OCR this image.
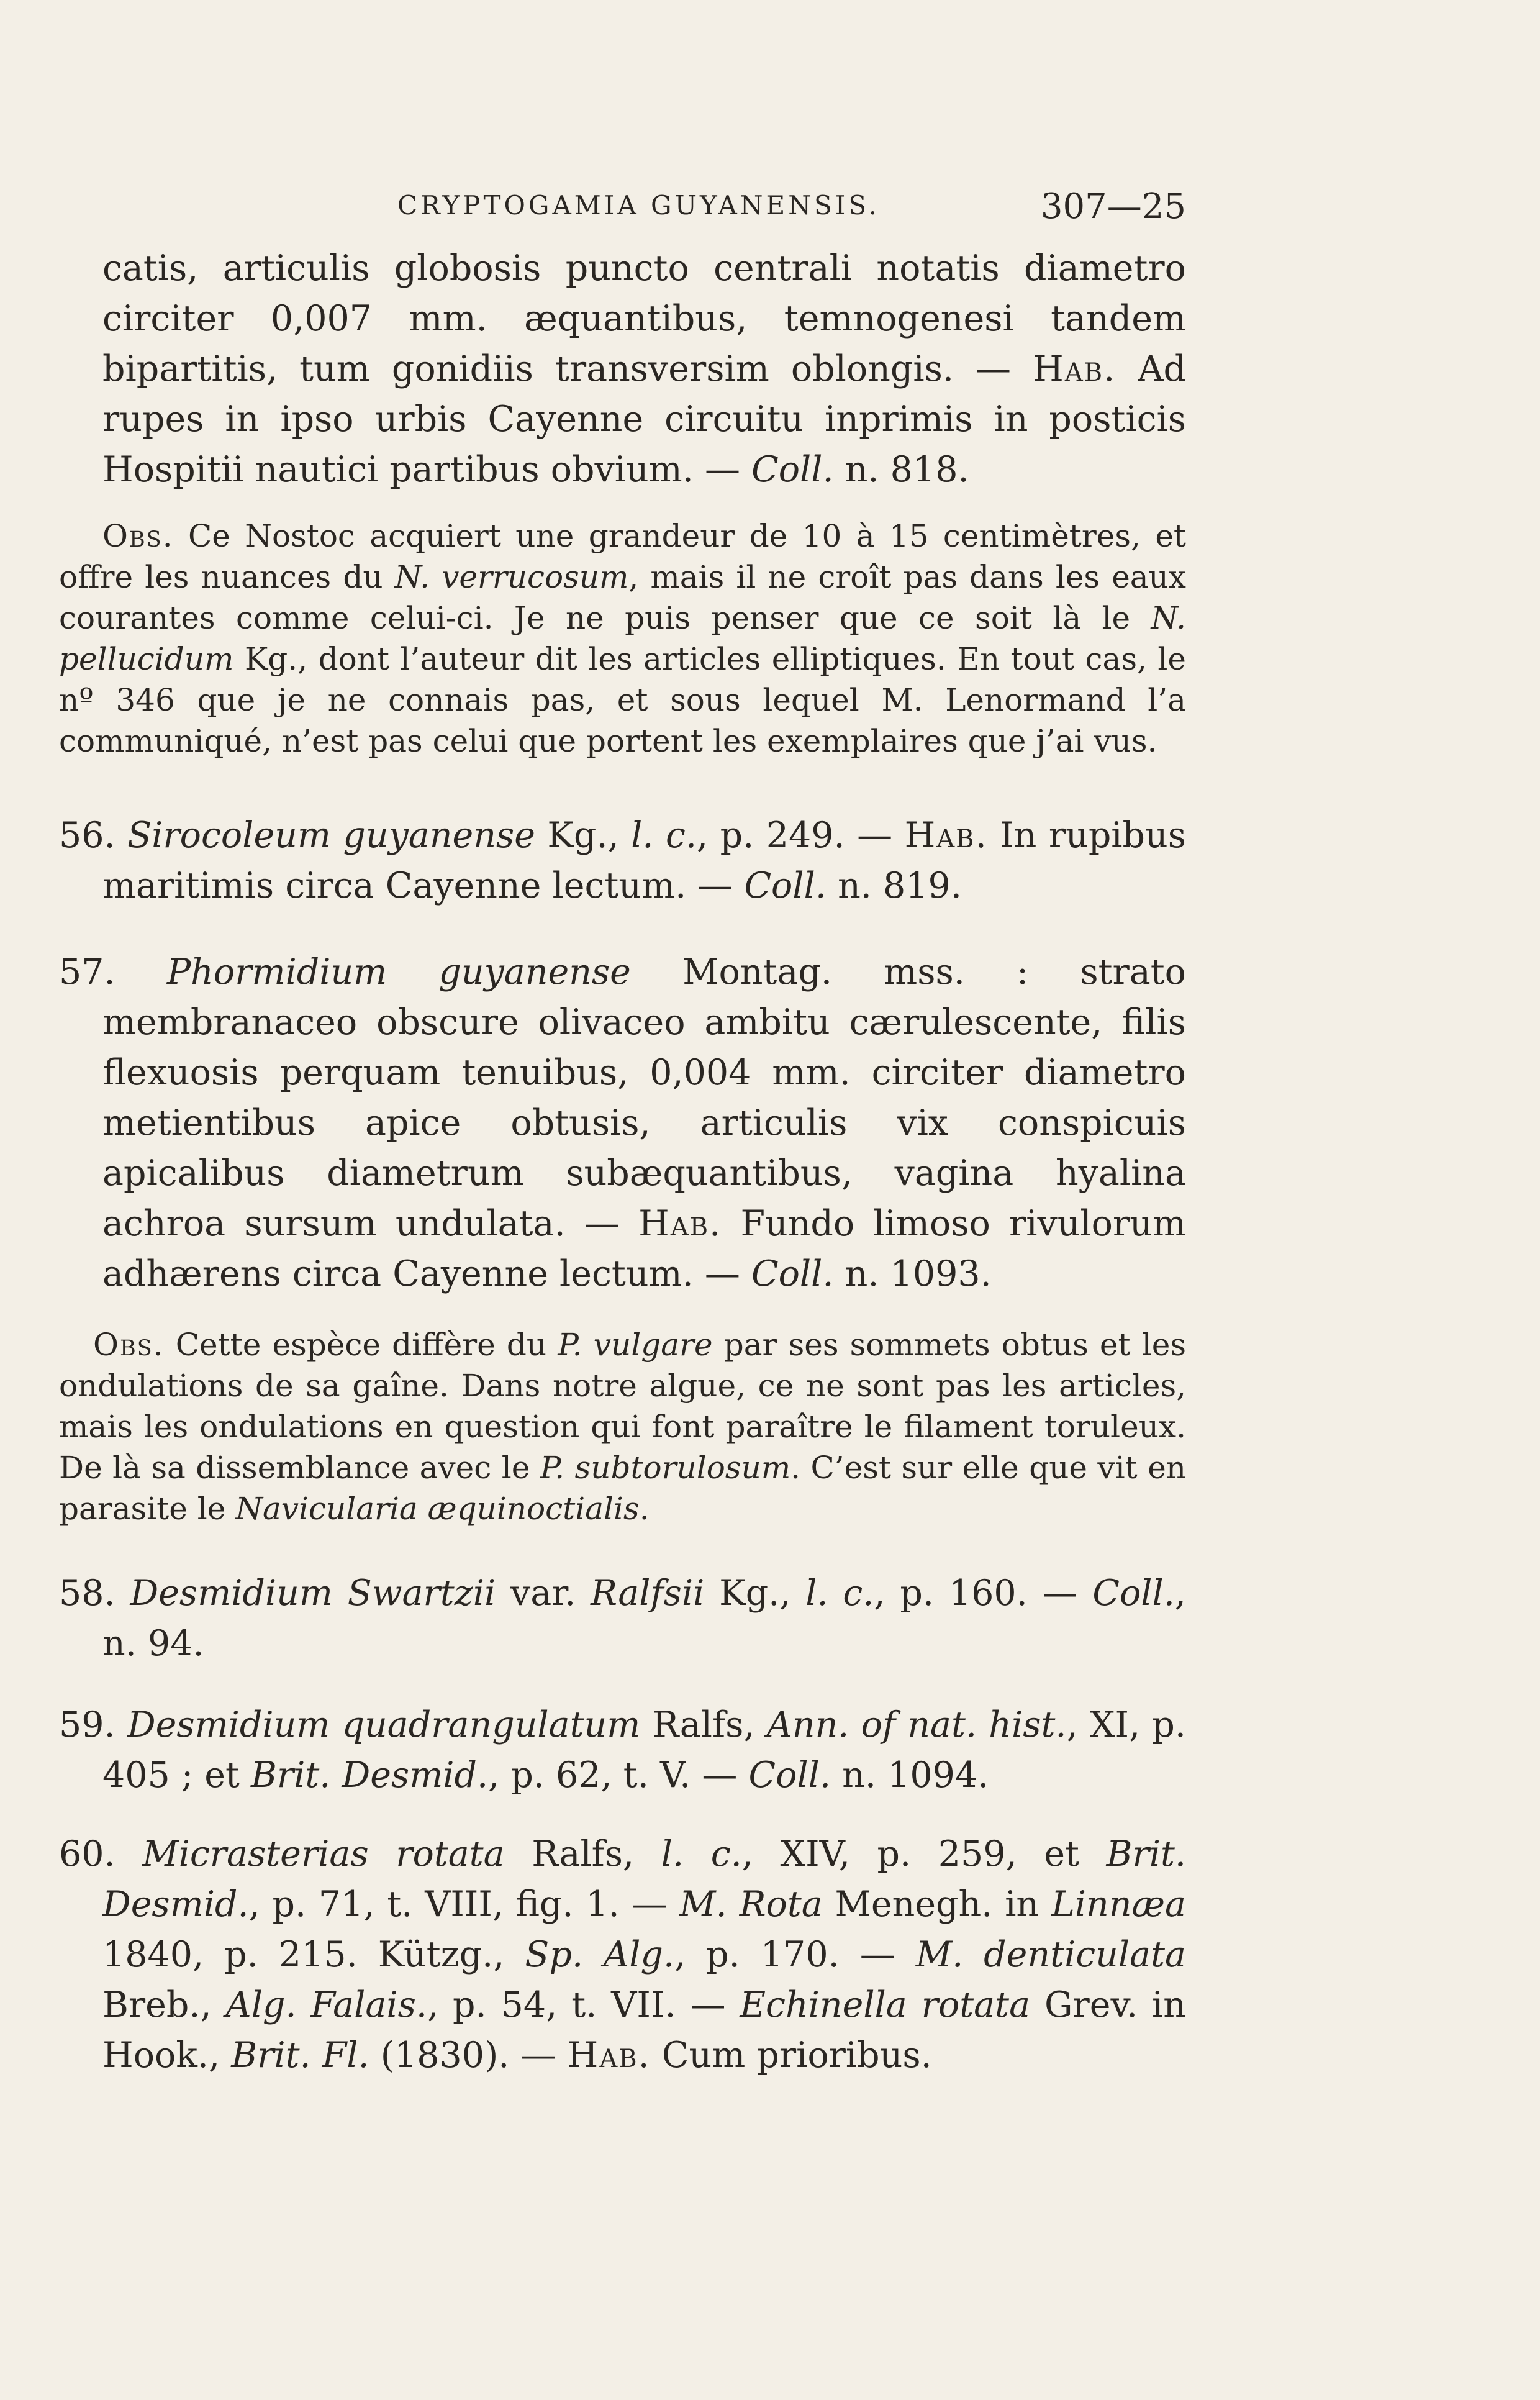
CRYPTOGAMIA GUYANENSIS.	307—25

catis, articulis globosis puncto centrali notatis diametro circiter 0,007 mm. æquantibus, temnogenesi tandem bipartitis, tum gonidiis transversim oblongis. — Hab. Ad rupes in ipso urbis Cayenne circuitu inprimis in posticis Hospitii nautici partibus obvium. — Coll. n. 818.

Obs. Ce Nostoc acquiert une grandeur de 10 à 15 centimètres, et offre les nuances du N. verrucosum, mais il ne croît pas dans les eaux courantes comme celui-ci. Je ne puis penser que ce soit là le N. pellucidum Kg., dont l’auteur dit les articles elliptiques. En tout cas, le nº 346 que je ne connais pas, et sous lequel M. Lenormand l’a communiqué, n’est pas celui que portent les exemplaires que j’ai vus.

56. Sirocoleum guyanense Kg., l. c., p. 249. — Hab. In rupibus maritimis circa Cayenne lectum. — Coll. n. 819.

57. Phormidium guyanense Montag. mss. : strato membranaceo obscure olivaceo ambitu cærulescente, filis flexuosis perquam tenuibus, 0,004 mm. circiter diametro metientibus apice obtusis, articulis vix conspicuis apicalibus diametrum subæquantibus, vagina hyalina achroa sursum undulata. — Hab. Fundo limoso rivulorum adhærens circa Cayenne lectum. — Coll. n. 1093.

Obs. Cette espèce diffère du P. vulgare par ses sommets obtus et les ondulations de sa gaîne. Dans notre algue, ce ne sont pas les articles, mais les ondulations en question qui font paraître le filament toruleux. De là sa dissemblance avec le P. subtorulosum. C’est sur elle que vit en parasite le Navicularia æquinoctialis.

58. Desmidium Swartzii var. Ralfsii Kg., l. c., p. 160. — Coll., n. 94.

59. Desmidium quadrangulatum Ralfs, Ann. of nat. hist., XI, p. 405 ; et Brit. Desmid., p. 62, t. V. — Coll. n. 1094.

60. Micrasterias rotata Ralfs, l. c., XIV, p. 259, et Brit. Desmid., p. 71, t. VIII, fig. 1. — M. Rota Menegh. in Linnæa 1840, p. 215. Kützg., Sp. Alg., p. 170. — M. denticulata Breb., Alg. Falais., p. 54, t. VII. — Echinella rotata Grev. in Hook., Brit. Fl. (1830). — Hab. Cum prioribus.
